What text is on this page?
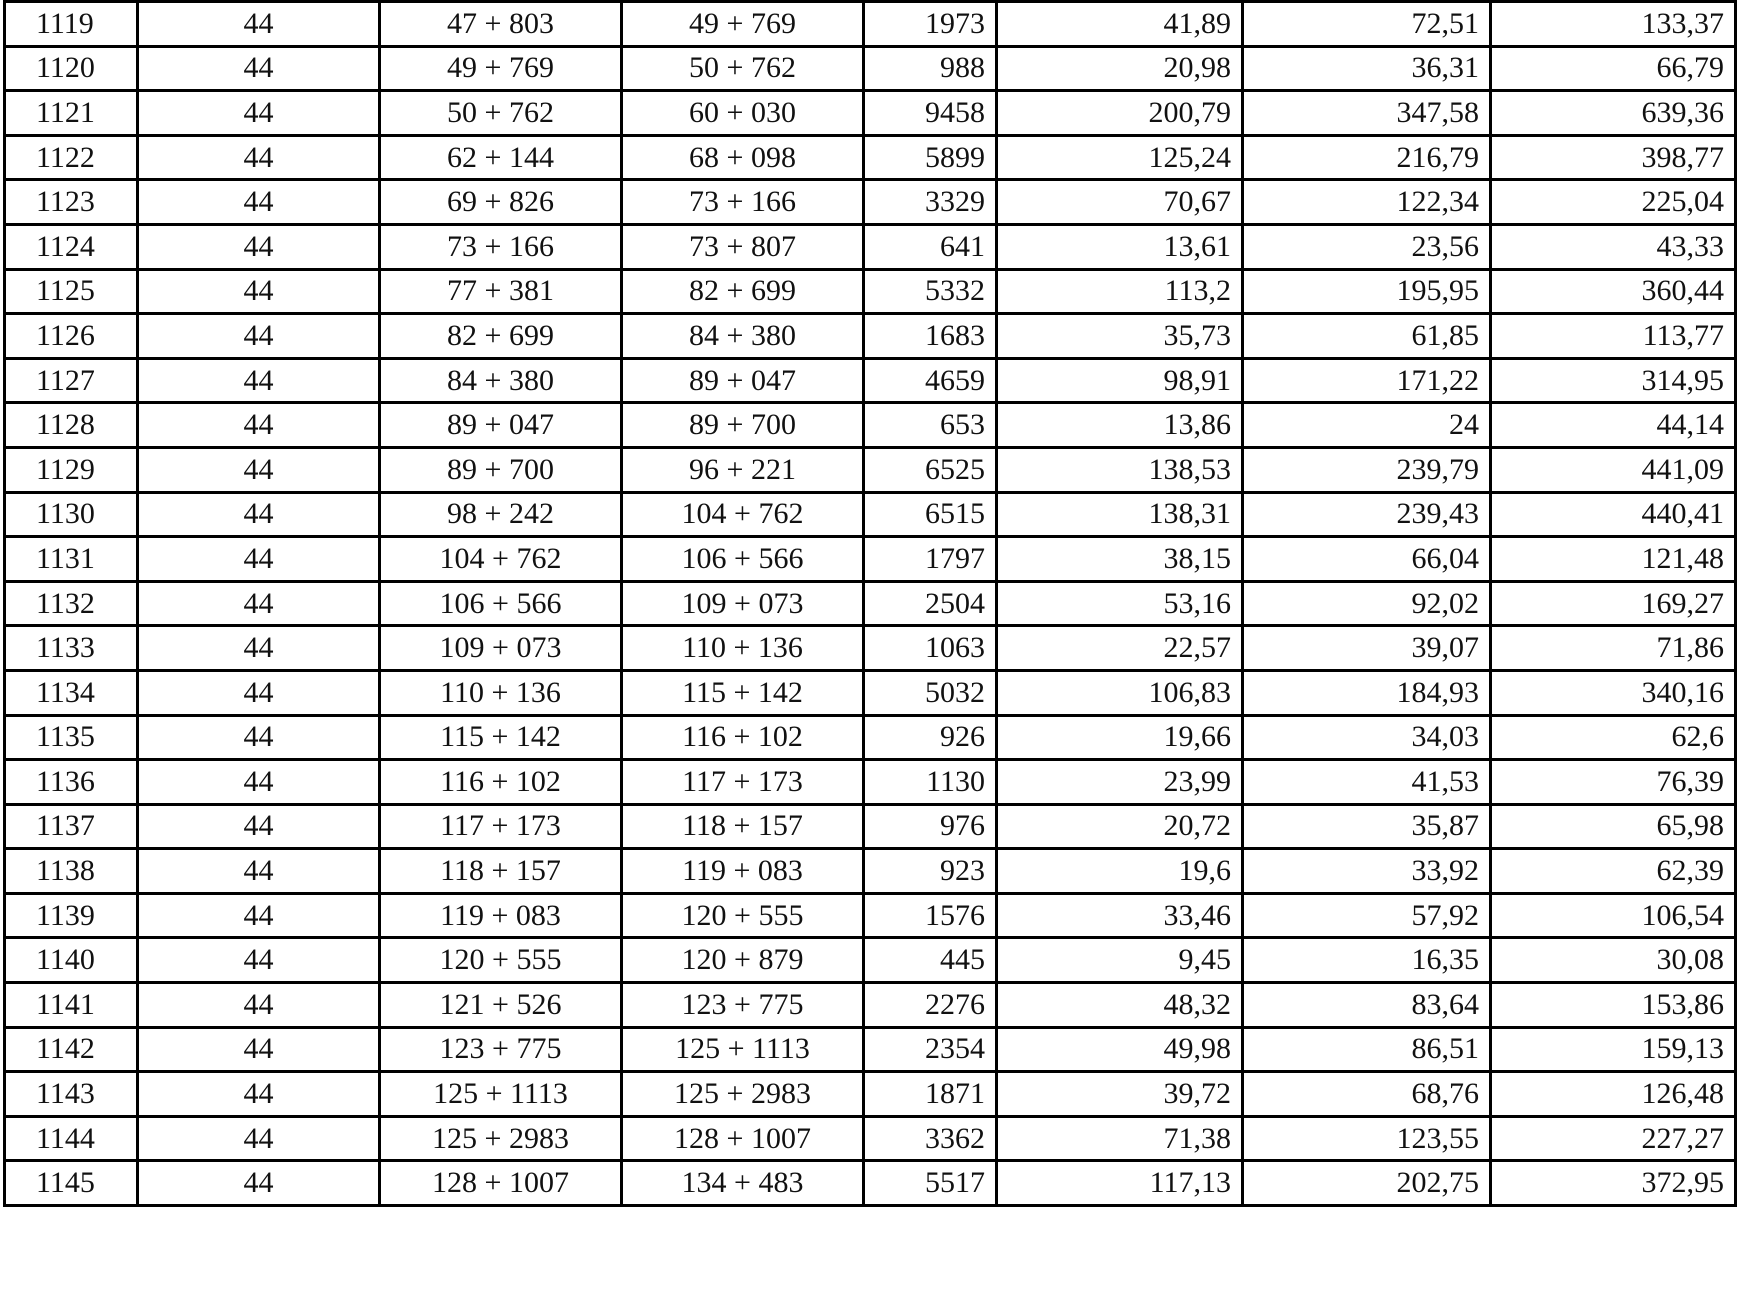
1119	44	47 + 803	49 + 769	1973	41,89	72,51	133,37
1120	44	49 + 769	50 + 762	988	20,98	36,31	66,79
1121	44	50 + 762	60 + 030	9458	200,79	347,58	639,36
1122	44	62 + 144	68 + 098	5899	125,24	216,79	398,77
1123	44	69 + 826	73 + 166	3329	70,67	122,34	225,04
1124	44	73 + 166	73 + 807	641	13,61	23,56	43,33
1125	44	77 + 381	82 + 699	5332	113,2	195,95	360,44
1126	44	82 + 699	84 + 380	1683	35,73	61,85	113,77
1127	44	84 + 380	89 + 047	4659	98,91	171,22	314,95
1128	44	89 + 047	89 + 700	653	13,86	24	44,14
1129	44	89 + 700	96 + 221	6525	138,53	239,79	441,09
1130	44	98 + 242	104 + 762	6515	138,31	239,43	440,41
1131	44	104 + 762	106 + 566	1797	38,15	66,04	121,48
1132	44	106 + 566	109 + 073	2504	53,16	92,02	169,27
1133	44	109 + 073	110 + 136	1063	22,57	39,07	71,86
1134	44	110 + 136	115 + 142	5032	106,83	184,93	340,16
1135	44	115 + 142	116 + 102	926	19,66	34,03	62,6
1136	44	116 + 102	117 + 173	1130	23,99	41,53	76,39
1137	44	117 + 173	118 + 157	976	20,72	35,87	65,98
1138	44	118 + 157	119 + 083	923	19,6	33,92	62,39
1139	44	119 + 083	120 + 555	1576	33,46	57,92	106,54
1140	44	120 + 555	120 + 879	445	9,45	16,35	30,08
1141	44	121 + 526	123 + 775	2276	48,32	83,64	153,86
1142	44	123 + 775	125 + 1113	2354	49,98	86,51	159,13
1143	44	125 + 1113	125 + 2983	1871	39,72	68,76	126,48
1144	44	125 + 2983	128 + 1007	3362	71,38	123,55	227,27
1145	44	128 + 1007	134 + 483	5517	117,13	202,75	372,95
